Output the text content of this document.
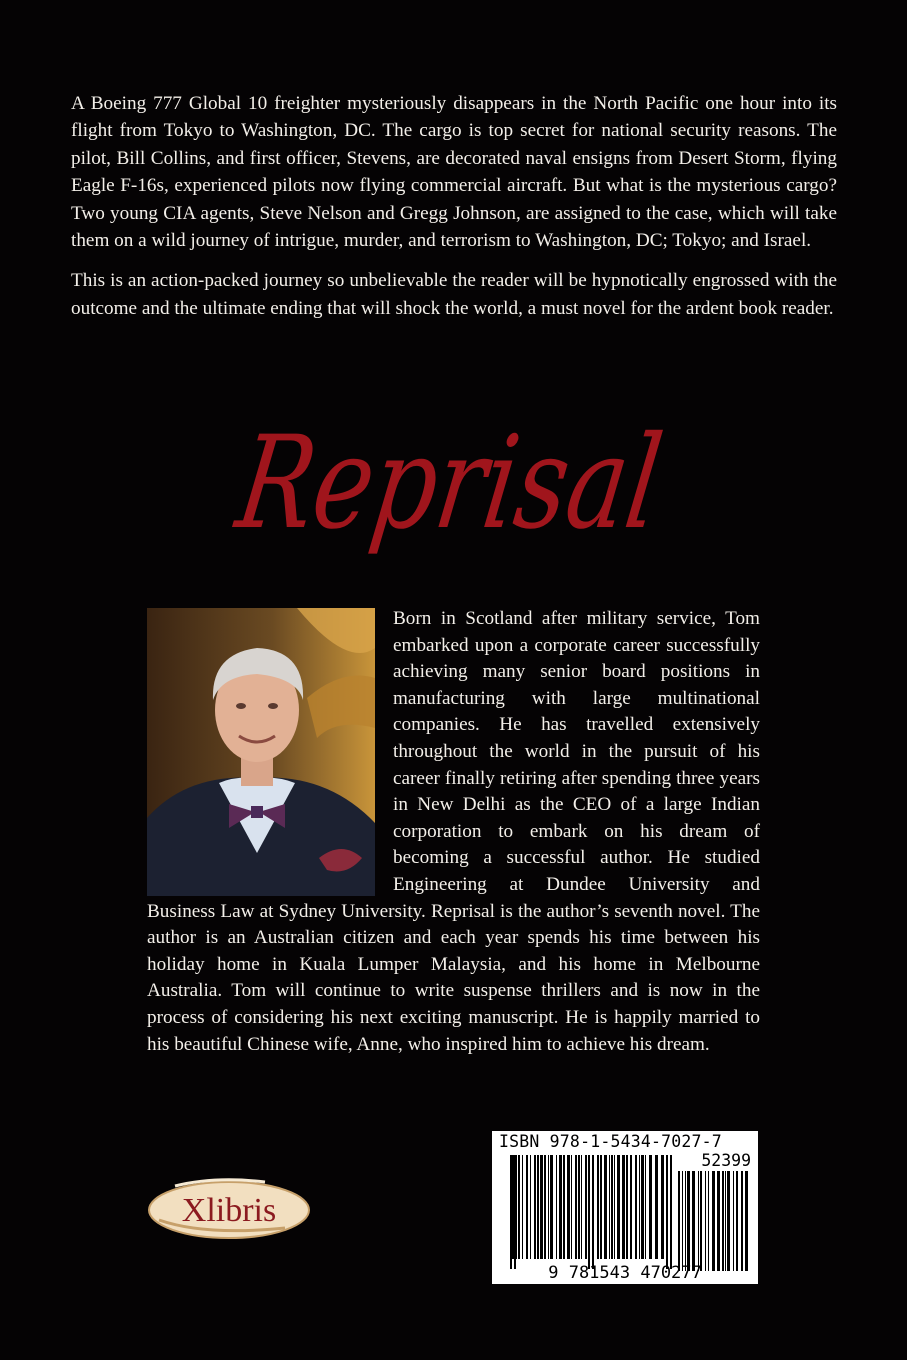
A Boeing 777 Global 10 freighter mysteriously disappears in the North Pacific one hour into its flight from Tokyo to Washington, DC. The cargo is top secret for national security reasons. The pilot, Bill Collins, and first officer, Stevens, are decorated naval ensigns from Desert Storm, flying Eagle F-16s, experienced pilots now flying commercial aircraft. But what is the mysterious cargo? Two young CIA agents, Steve Nelson and Gregg Johnson, are assigned to the case, which will take them on a wild journey of intrigue, murder, and terrorism to Washington, DC; Tokyo; and Israel.

This is an action-packed journey so unbelievable the reader will be hypnotically engrossed with the outcome and the ultimate ending that will shock the world, a must novel for the ardent book reader.

Reprisal
Born in Scotland after military service, Tom embarked upon a corporate career successfully achieving many senior board positions in manufacturing with large multinational companies. He has travelled extensively throughout the world in the pursuit of his career finally retiring after spending three years in New Delhi as the CEO of a large Indian corporation to embark on his dream of becoming a successful author. He studied Engineering at Dundee University and Business Law at Sydney University. Reprisal is the author’s seventh novel. The author is an Australian citizen and each year spends his time between his holiday home in Kuala Lumper Malaysia, and his home in Melbourne Australia. Tom will continue to write suspense thrillers and is now in the process of considering his next exciting manuscript. He is happily married to his beautiful Chinese wife, Anne, who inspired him to achieve his dream.
ISBN 978-1-5434-7027-7
52399
9 781543 470277
Xlibris
